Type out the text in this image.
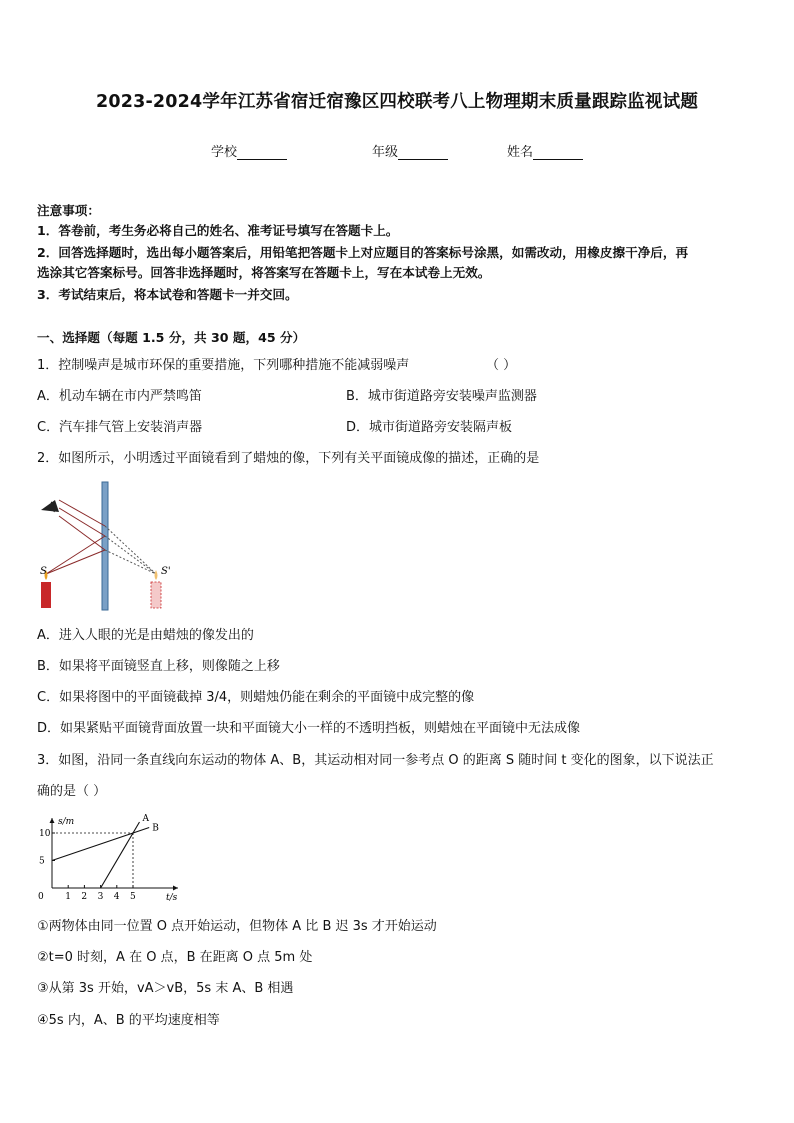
2023-2024学年江苏省宿迁宿豫区四校联考八上物理期末质量跟踪监视试题
学校	年级	姓名
注意事项：
1．答卷前，考生务必将自己的姓名、准考证号填写在答题卡上。
2．回答选择题时，选出每小题答案后，用铅笔把答题卡上对应题目的答案标号涂黑，如需改动，用橡皮擦干净后，再
选涂其它答案标号。回答非选择题时，将答案写在答题卡上，写在本试卷上无效。
3．考试结束后，将本试卷和答题卡一并交回。
一、选择题（每题 1.5 分，共 30 题，45 分）
1．控制噪声是城市环保的重要措施，下列哪种措施不能减弱噪声	（ ）
A．机动车辆在市内严禁鸣笛	B．城市街道路旁安装噪声监测器
C．汽车排气管上安装消声器	D．城市街道路旁安装隔声板
2．如图所示，小明透过平面镜看到了蜡烛的像，下列有关平面镜成像的描述，正确的是
S	S'
A．进入人眼的光是由蜡烛的像发出的
B．如果将平面镜竖直上移，则像随之上移
C．如果将图中的平面镜截掉 3/4，则蜡烛仍能在剩余的平面镜中成完整的像
D．如果紧贴平面镜背面放置一块和平面镜大小一样的不透明挡板，则蜡烛在平面镜中无法成像
3．如图，沿同一条直线向东运动的物体 A、B，其运动相对同一参考点 O 的距离 S 随时间 t 变化的图象，以下说法正
确的是（ ）
s/m
t/s
0 1 2 3 4 5
5
10
A
B
①两物体由同一位置 O 点开始运动，但物体 A 比 B 迟 3s 才开始运动
②t=0 时刻，A 在 O 点，B 在距离 O 点 5m 处
③从第 3s 开始，vA＞vB，5s 末 A、B 相遇
④5s 内，A、B 的平均速度相等
